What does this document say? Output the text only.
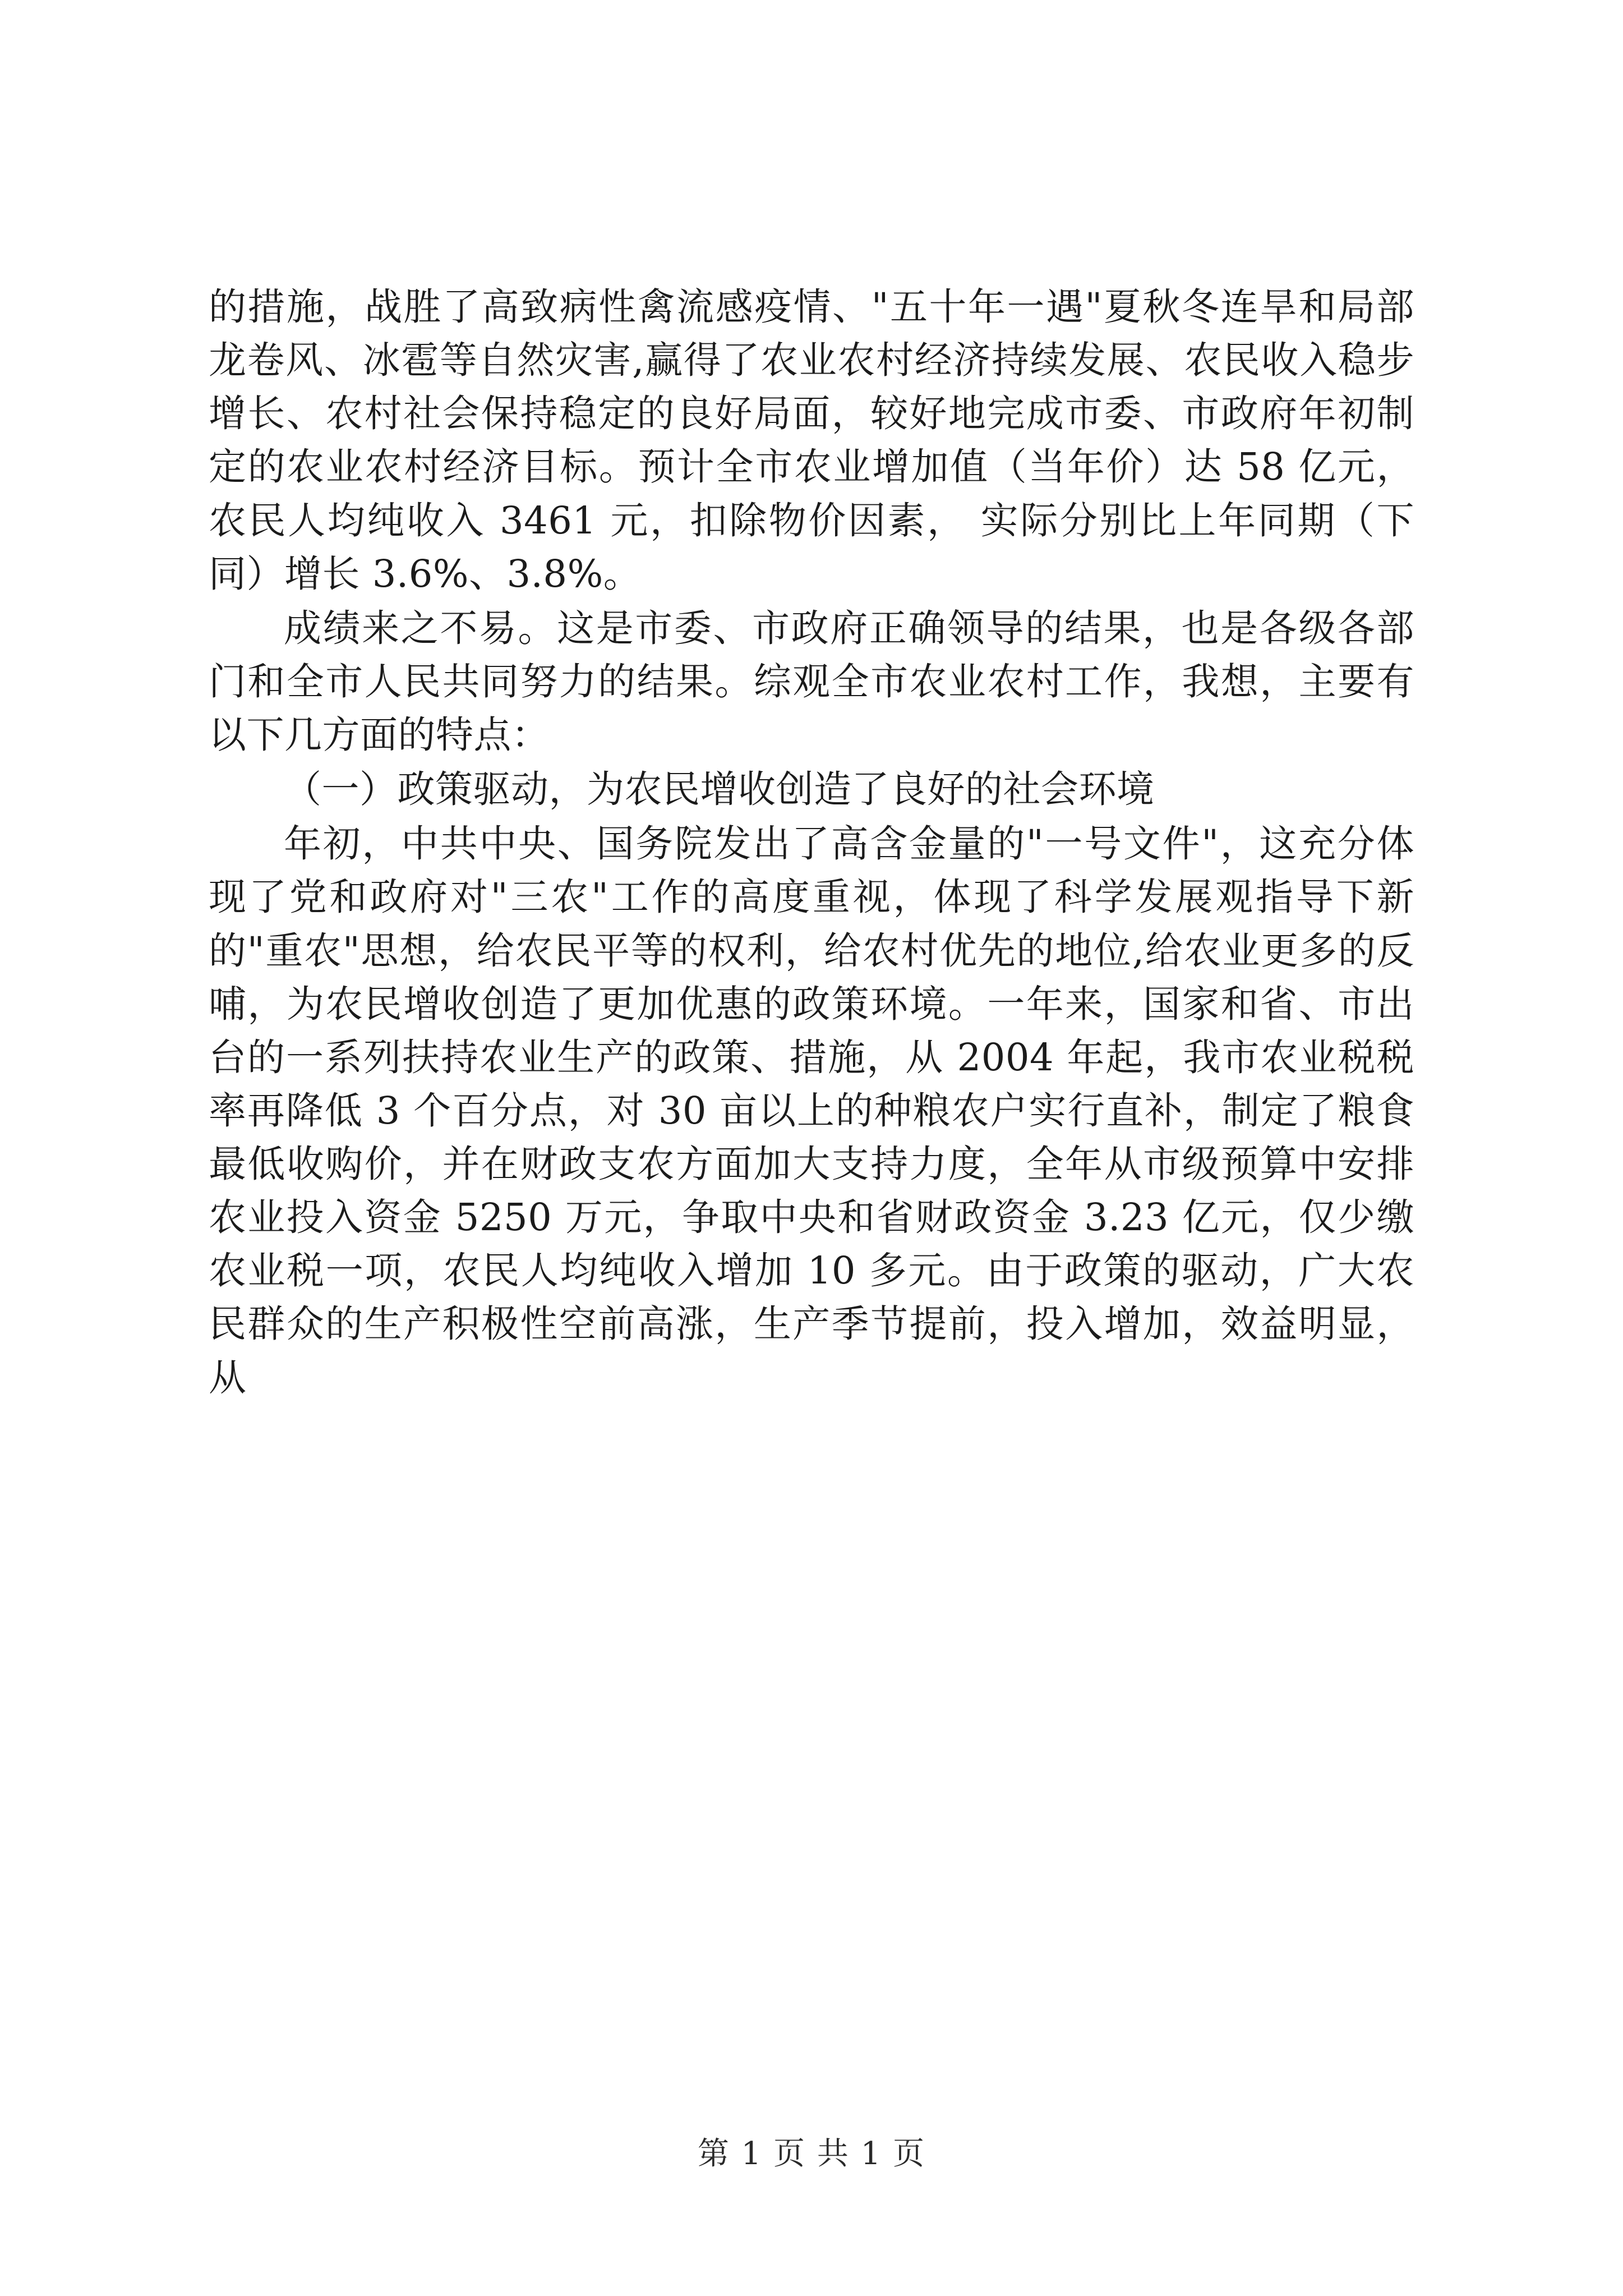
的措施，战胜了高致病性禽流感疫情、"五十年一遇"夏秋冬连旱和局部龙卷风、冰雹等自然灾害,赢得了农业农村经济持续发展、农民收入稳步增长、农村社会保持稳定的良好局面，较好地完成市委、市政府年初制定的农业农村经济目标。预计全市农业增加值（当年价）达 58 亿元，农民人均纯收入 3461 元，扣除物价因素， 实际分别比上年同期（下同）增长 3.6%、3.8%。

成绩来之不易。这是市委、市政府正确领导的结果，也是各级各部门和全市人民共同努力的结果。综观全市农业农村工作，我想，主要有以下几方面的特点：

（一）政策驱动，为农民增收创造了良好的社会环境

年初，中共中央、国务院发出了高含金量的"一号文件"，这充分体现了党和政府对"三农"工作的高度重视，体现了科学发展观指导下新的"重农"思想，给农民平等的权利，给农村优先的地位,给农业更多的反哺，为农民增收创造了更加优惠的政策环境。一年来，国家和省、市出台的一系列扶持农业生产的政策、措施，从 2004 年起，我市农业税税率再降低 3 个百分点，对 30 亩以上的种粮农户实行直补，制定了粮食最低收购价，并在财政支农方面加大支持力度，全年从市级预算中安排农业投入资金 5250 万元，争取中央和省财政资金 3.23 亿元，仅少缴农业税一项，农民人均纯收入增加 10 多元。由于政策的驱动，广大农民群众的生产积极性空前高涨，生产季节提前，投入增加，效益明显，从

第 1 页 共 1 页
